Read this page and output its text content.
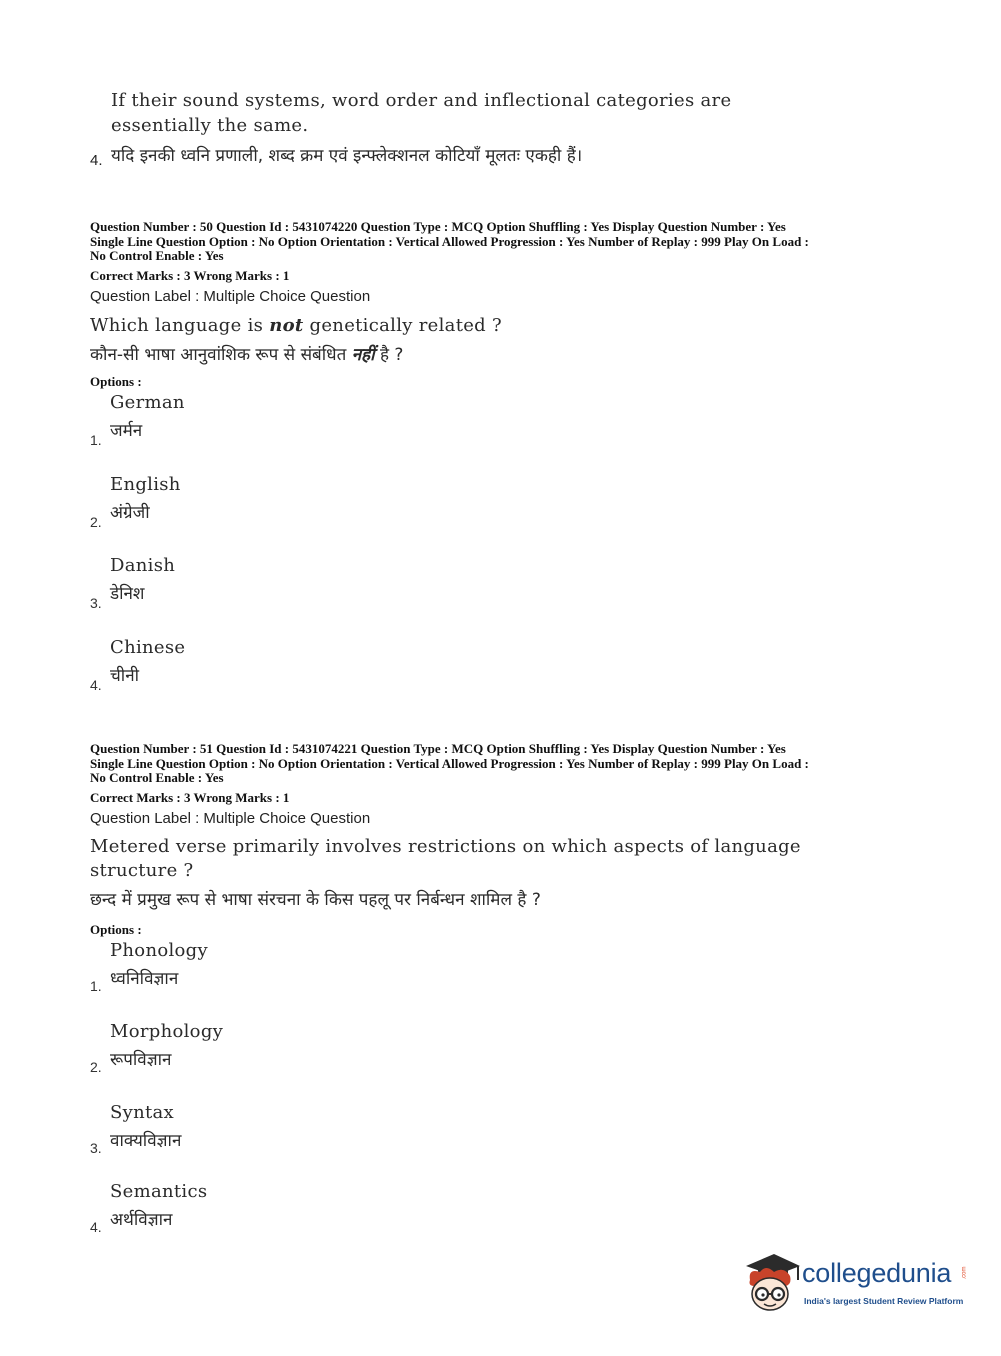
If their sound systems, word order and inflectional categories are
essentially the same.
4. यदि इनकी ध्वनि प्रणाली, शब्द क्रम एवं इन्फ्लेक्शनल कोटियाँ मूलतः एकही हैं।
Question Number : 50 Question Id : 5431074220 Question Type : MCQ Option Shuffling : Yes Display Question Number : Yes
Single Line Question Option : No Option Orientation : Vertical Allowed Progression : Yes Number of Replay : 999 Play On Load :
No Control Enable : Yes
Correct Marks : 3 Wrong Marks : 1
Question Label : Multiple Choice Question
Which language is not genetically related ?
कौन-सी भाषा आनुवांशिक रूप से संबंधित नहीं है ?
Options :
1.
German
जर्मन
2.
English
अंग्रेजी
3.
Danish
डेनिश
4.
Chinese
चीनी
Question Number : 51 Question Id : 5431074221 Question Type : MCQ Option Shuffling : Yes Display Question Number : Yes
Single Line Question Option : No Option Orientation : Vertical Allowed Progression : Yes Number of Replay : 999 Play On Load :
No Control Enable : Yes
Correct Marks : 3 Wrong Marks : 1
Question Label : Multiple Choice Question
Metered verse primarily involves restrictions on which aspects of language
structure ?
छन्द में प्रमुख रूप से भाषा संरचना के किस पहलू पर निर्बन्धन शामिल है ?
Options :
1.
Phonology
ध्वनिविज्ञान
2.
Morphology
रूपविज्ञान
3.
Syntax
वाक्यविज्ञान
4.
Semantics
अर्थविज्ञान
collegedunia .com
India's largest Student Review Platform
